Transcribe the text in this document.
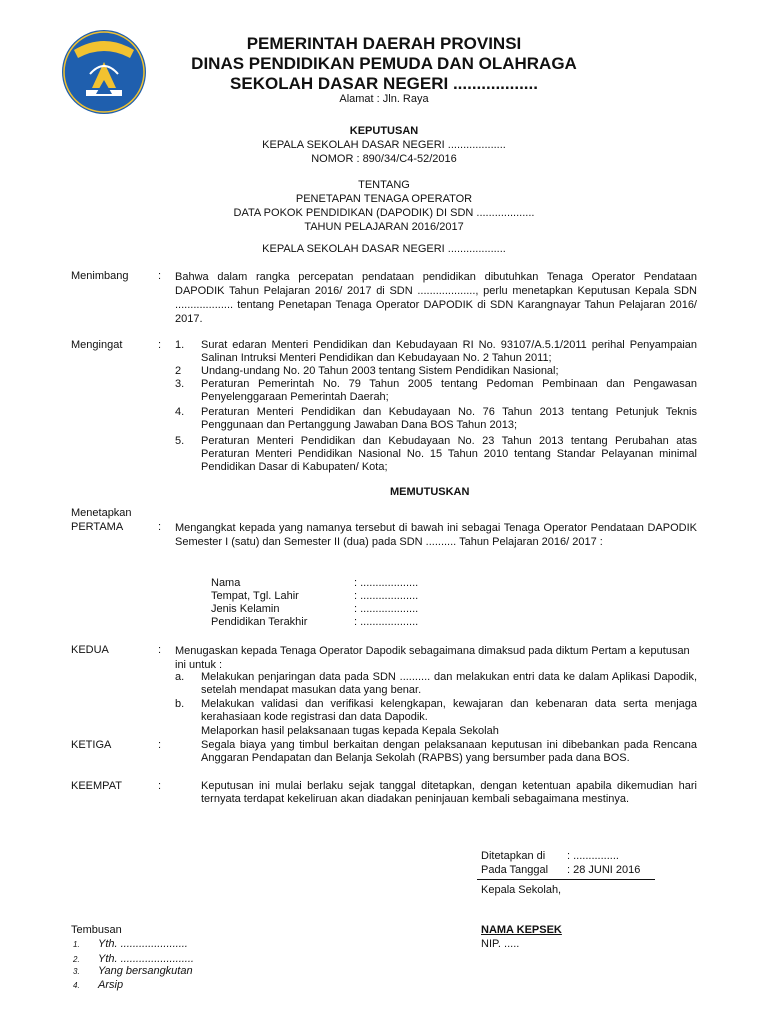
PEMERINTAH DAERAH PROVINSI
DINAS PENDIDIKAN PEMUDA DAN OLAHRAGA
SEKOLAH DASAR NEGERI ..................
Alamat : Jln. Raya
KEPUTUSAN
KEPALA SEKOLAH DASAR NEGERI ...................
NOMOR : 890/34/C4-52/2016
TENTANG
PENETAPAN TENAGA OPERATOR
DATA POKOK PENDIDIKAN (DAPODIK) DI SDN ...................
TAHUN PELAJARAN 2016/2017
KEPALA SEKOLAH DASAR NEGERI ...................
Menimbang	: Bahwa dalam rangka percepatan pendataan pendidikan dibutuhkan Tenaga Operator Pendataan DAPODIK Tahun Pelajaran 2016/ 2017 di SDN ..................., perlu menetapkan Keputusan Kepala SDN ................... tentang Penetapan Tenaga Operator DAPODIK di SDN Karangnayar Tahun Pelajaran 2016/ 2017.
Mengingat	: 1. Surat edaran Menteri Pendidikan dan Kebudayaan RI No. 93107/A.5.1/2011 perihal Penyampaian Salinan Intruksi Menteri Pendidikan dan Kebudayaan No. 2 Tahun 2011;
2 Undang-undang No. 20 Tahun 2003 tentang Sistem Pendidikan Nasional;
3. Peraturan Pemerintah No. 79 Tahun 2005 tentang Pedoman Pembinaan dan Pengawasan Penyelenggaraan Pemerintah Daerah;
4. Peraturan Menteri Pendidikan dan Kebudayaan No. 76 Tahun 2013 tentang Petunjuk Teknis Penggunaan dan Pertanggung Jawaban Dana BOS Tahun 2013;
5. Peraturan Menteri Pendidikan dan Kebudayaan No. 23 Tahun 2013 tentang Perubahan atas Peraturan Menteri Pendidikan Nasional No. 15 Tahun 2010 tentang Standar Pelayanan minimal Pendidikan Dasar di Kabupaten/ Kota;
MEMUTUSKAN
Menetapkan
PERTAMA	: Mengangkat kepada yang namanya tersebut di bawah ini sebagai Tenaga Operator Pendataan DAPODIK Semester I (satu) dan Semester II (dua) pada SDN .......... Tahun Pelajaran 2016/ 2017 :
Nama	: ...................
Tempat, Tgl. Lahir	: ...................
Jenis Kelamin	: ...................
Pendidikan Terakhir	: ...................
KEDUA	: Menugaskan kepada Tenaga Operator Dapodik sebagaimana dimaksud pada diktum Pertam a keputusan ini untuk :
a. Melakukan penjaringan data pada SDN .......... dan melakukan entri data ke dalam Aplikasi Dapodik, setelah mendapat masukan data yang benar.
b. Melakukan validasi dan verifikasi kelengkapan, kewajaran dan kebenaran data serta menjaga kerahasiaan kode registrasi dan data Dapodik.
Melaporkan hasil pelaksanaan tugas kepada Kepala Sekolah
KETIGA	:	Segala biaya yang timbul berkaitan dengan pelaksanaan keputusan ini dibebankan pada Rencana Anggaran Pendapatan dan Belanja Sekolah (RAPBS) yang bersumber pada dana BOS.
KEEMPAT	:	Keputusan ini mulai berlaku sejak tanggal ditetapkan, dengan ketentuan apabila dikemudian hari ternyata terdapat kekeliruan akan diadakan peninjauan kembali sebagaimana mestinya.
Ditetapkan di : ...............
Pada Tanggal : 28 JUNI 2016
Kepala Sekolah,
NAMA KEPSEK
NIP. .....
Tembusan
1. Yth. ......................
2. Yth. ........................
3. Yang bersangkutan
4. Arsip
